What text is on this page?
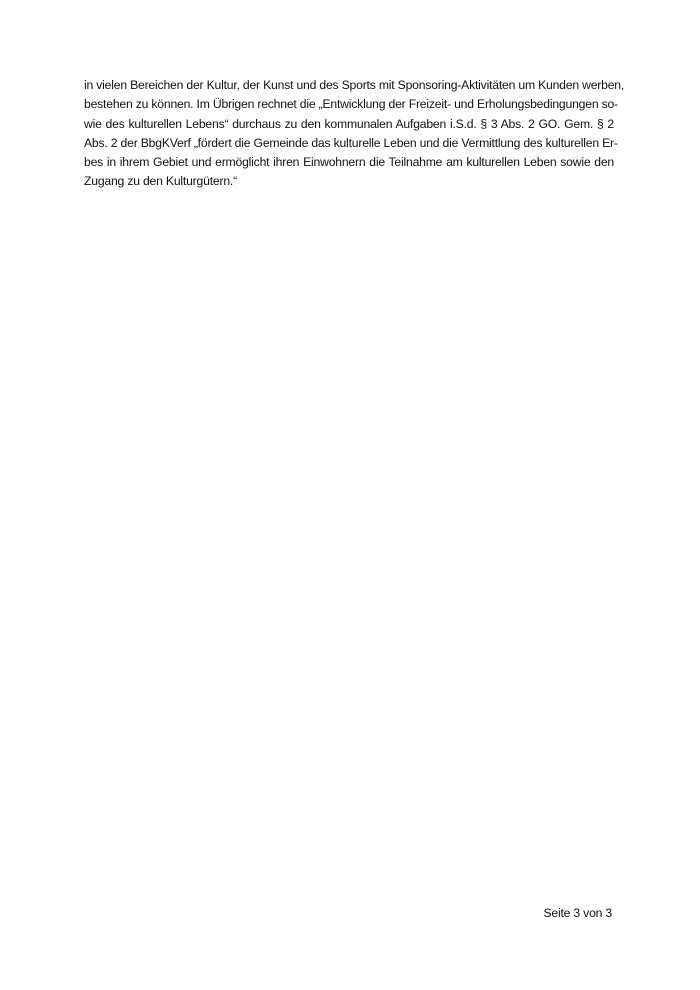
in vielen Bereichen der Kultur, der Kunst und des Sports mit Sponsoring-Aktivitäten um Kunden werben,
bestehen zu können. Im Übrigen rechnet die „Entwicklung der Freizeit- und Erholungsbedingungen so-
wie des kulturellen Lebens“ durchaus zu den kommunalen Aufgaben i.S.d. § 3 Abs. 2 GO. Gem. § 2
Abs. 2 der BbgKVerf „fördert die Gemeinde das kulturelle Leben und die Vermittlung des kulturellen Er-
bes in ihrem Gebiet und ermöglicht ihren Einwohnern die Teilnahme am kulturellen Leben sowie den
Zugang zu den Kulturgütern.“
Seite 3 von 3
